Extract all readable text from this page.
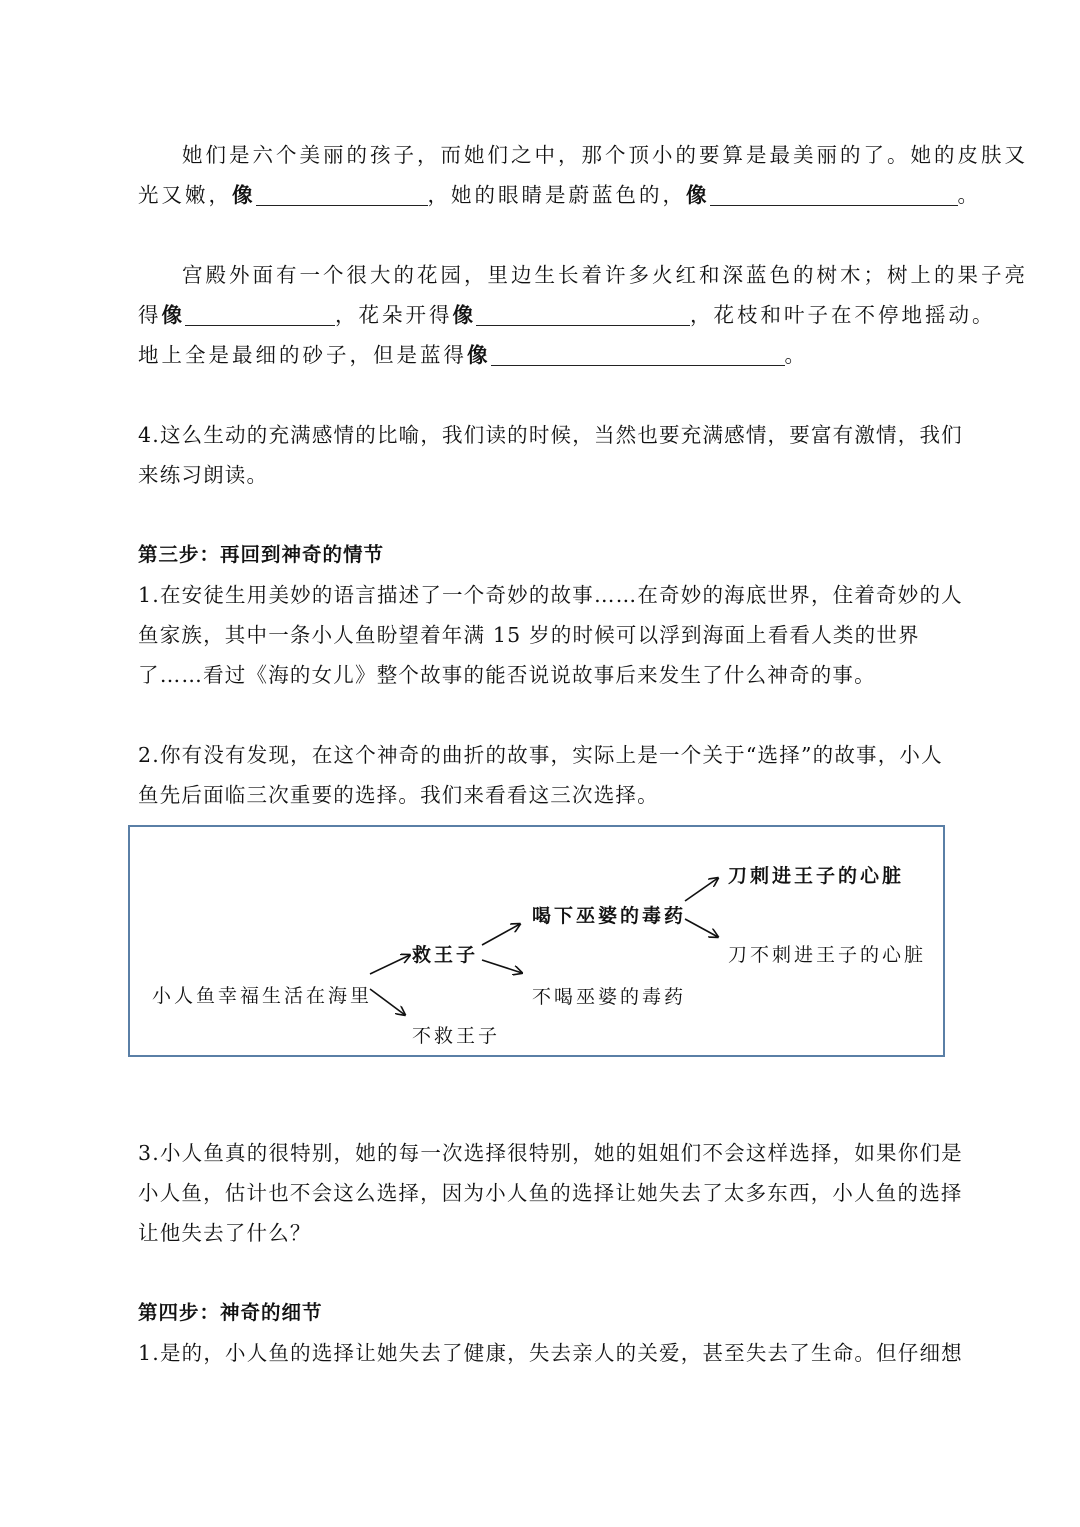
她们是六个美丽的孩子，而她们之中，那个顶小的要算是最美丽的了。她的皮肤又
光又嫩，像	，她的眼睛是蔚蓝色的，像	。
宫殿外面有一个很大的花园，里边生长着许多火红和深蓝色的树木；树上的果子亮
得像	，花朵开得像	，花枝和叶子在不停地摇动。
地上全是最细的砂子，但是蓝得像	。
4.这么生动的充满感情的比喻，我们读的时候，当然也要充满感情，要富有激情，我们
来练习朗读。
第三步：再回到神奇的情节
1.在安徒生用美妙的语言描述了一个奇妙的故事……在奇妙的海底世界，住着奇妙的人
鱼家族，其中一条小人鱼盼望着年满 15 岁的时候可以浮到海面上看看人类的世界
了……看过《海的女儿》整个故事的能否说说故事后来发生了什么神奇的事。
2.你有没有发现，在这个神奇的曲折的故事，实际上是一个关于“选择”的故事，小人
鱼先后面临三次重要的选择。我们来看看这三次选择。
小人鱼幸福生活在海里
救王子
不救王子
喝下巫婆的毒药
不喝巫婆的毒药
刀刺进王子的心脏
刀不刺进王子的心脏
3.小人鱼真的很特别，她的每一次选择很特别，她的姐姐们不会这样选择，如果你们是
小人鱼，估计也不会这么选择，因为小人鱼的选择让她失去了太多东西，小人鱼的选择
让他失去了什么？
第四步：神奇的细节
1.是的，小人鱼的选择让她失去了健康，失去亲人的关爱，甚至失去了生命。但仔细想
